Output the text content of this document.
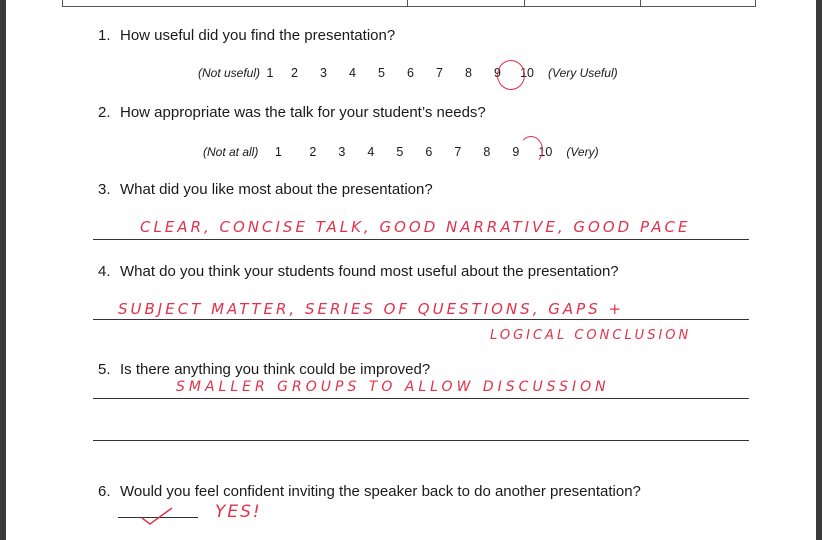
1. How useful did you find the presentation?
(Not useful) 1	2	3	4	5	6	7	8	9	10	(Very Useful)
2. How appropriate was the talk for your student’s needs?
(Not at all)	1	2	3	4	5	6	7	8	9	10	(Very)
3. What did you like most about the presentation?
CLEAR, CONCISE TALK, GOOD NARRATIVE, GOOD PACE
4. What do you think your students found most useful about the presentation?
SUBJECT MATTER, SERIES OF QUESTIONS, GAPS +
LOGICAL CONCLUSION
5. Is there anything you think could be improved?
SMALLER GROUPS TO ALLOW DISCUSSION
6. Would you feel confident inviting the speaker back to do another presentation?
YES!
